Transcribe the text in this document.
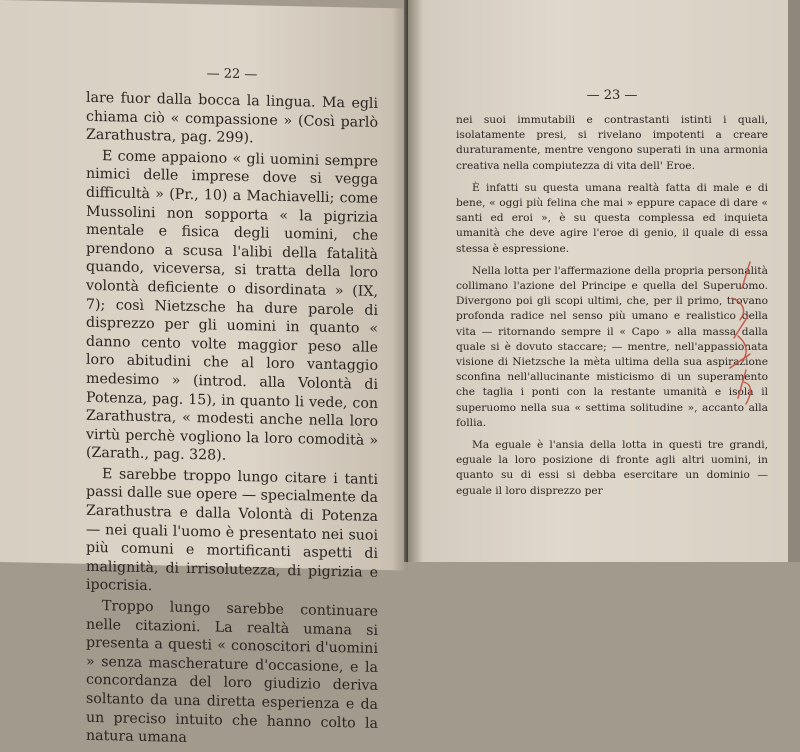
— 22 —

lare fuor dalla bocca la lingua. Ma egli chiama ciò « compassione » (Così parlò Zarathustra, pag. 299).

E come appaiono « gli uomini sempre nimici delle imprese dove si vegga difficultà » (Pr., 10) a Machiavelli; come Mussolini non sopporta « la pigrizia mentale e fisica degli uomini, che prendono a scusa l'alibi della fatalità quando, viceversa, si tratta della loro volontà deficiente o disordinata » (IX, 7); così Nietzsche ha dure parole di disprezzo per gli uomini in quanto « danno cento volte maggior peso alle loro abitudini che al loro vantaggio medesimo » (introd. alla Volontà di Potenza, pag. 15), in quanto li vede, con Zarathustra, « modesti anche nella loro virtù perchè vogliono la loro comodità » (Zarath., pag. 328).

E sarebbe troppo lungo citare i tanti passi dalle sue opere — specialmente da Zarathustra e dalla Volontà di Potenza — nei quali l'uomo è presentato nei suoi più comuni e mortificanti aspetti di malignità, di irrisolutezza, di pigrizia e ipocrisia.

Troppo lungo sarebbe continuare nelle citazioni. La realtà umana si presenta a questi « conoscitori d'uomini » senza mascherature d'occasione, e la concordanza del loro giudizio deriva soltanto da una diretta esperienza e da un preciso intuito che hanno colto la natura umana

— 23 —

nei suoi immutabili e contrastanti istinti i quali, isolatamente presi, si rivelano impotenti a creare duraturamente, mentre vengono superati in una armonia creativa nella compiutezza di vita dell' Eroe.

È infatti su questa umana realtà fatta di male e di bene, « oggi più felina che mai » eppure capace di dare « santi ed eroi », è su questa complessa ed inquieta umanità che deve agire l'eroe di genio, il quale di essa stessa è espressione.

Nella lotta per l'affermazione della propria personalità collimano l'azione del Principe e quella del Superuomo. Divergono poi gli scopi ultimi, che, per il primo, trovano profonda radice nel senso più umano e realistico della vita — ritornando sempre il « Capo » alla massa dalla quale si è dovuto staccare; — mentre, nell'appassionata visione di Nietzsche la mèta ultima della sua aspirazione sconfina nell'allucinante misticismo di un superamento che taglia i ponti con la restante umanità e isola il superuomo nella sua « settima solitudine », accanto alla follia.

Ma eguale è l'ansia della lotta in questi tre grandi, eguale la loro posizione di fronte agli altri uomini, in quanto su di essi si debba esercitare un dominio — eguale il loro disprezzo per
